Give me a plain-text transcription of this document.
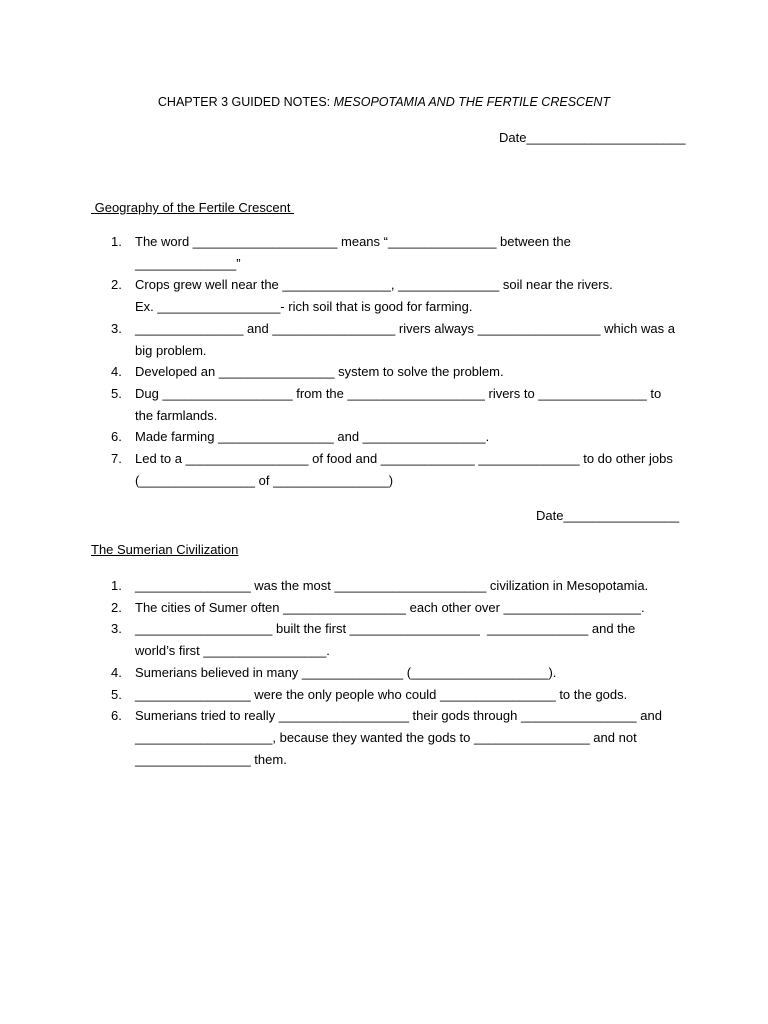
CHAPTER 3 GUIDED NOTES: MESOPOTAMIA AND THE FERTILE CRESCENT
Date______________________
Geography of the Fertile Crescent
1. The word ____________________ means “_______________ between the
______________”
2. Crops grew well near the _______________, ______________ soil near the rivers.
Ex. _________________- rich soil that is good for farming.
3. _______________ and _________________ rivers always _________________ which was a
big problem.
4. Developed an ________________ system to solve the problem.
5. Dug __________________ from the ___________________ rivers to _______________ to
the farmlands.
6. Made farming ________________ and _________________.
7. Led to a _________________ of food and _____________ ______________ to do other jobs
(________________ of ________________)
Date________________
The Sumerian Civilization
1. ________________ was the most _____________________ civilization in Mesopotamia.
2. The cities of Sumer often _________________ each other over ___________________.
3. ___________________ built the first __________________  ______________ and the
world’s first _________________.
4. Sumerians believed in many ______________ (___________________).
5. ________________ were the only people who could ________________ to the gods.
6. Sumerians tried to really __________________ their gods through ________________ and
___________________, because they wanted the gods to ________________ and not
________________ them.
